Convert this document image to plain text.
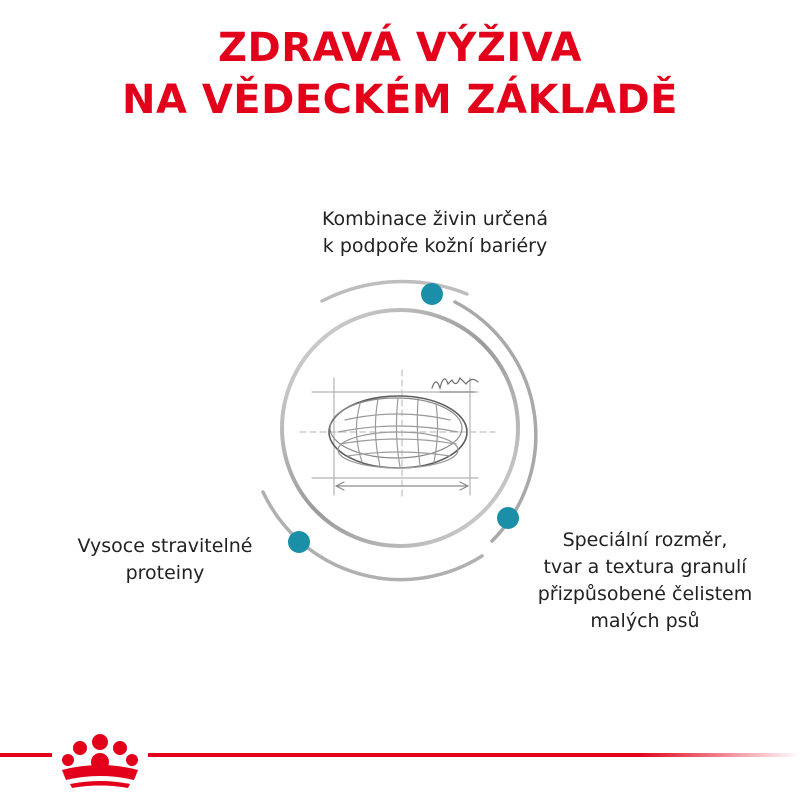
ZDRAVÁ VÝŽIVA
NA VĚDECKÉM ZÁKLADĚ

Kombinace živin určená
k podpoře kožní bariéry

Vysoce stravitelné
proteiny

Speciální rozměr,
tvar a textura granulí
přizpůsobené čelistem
malých psů
